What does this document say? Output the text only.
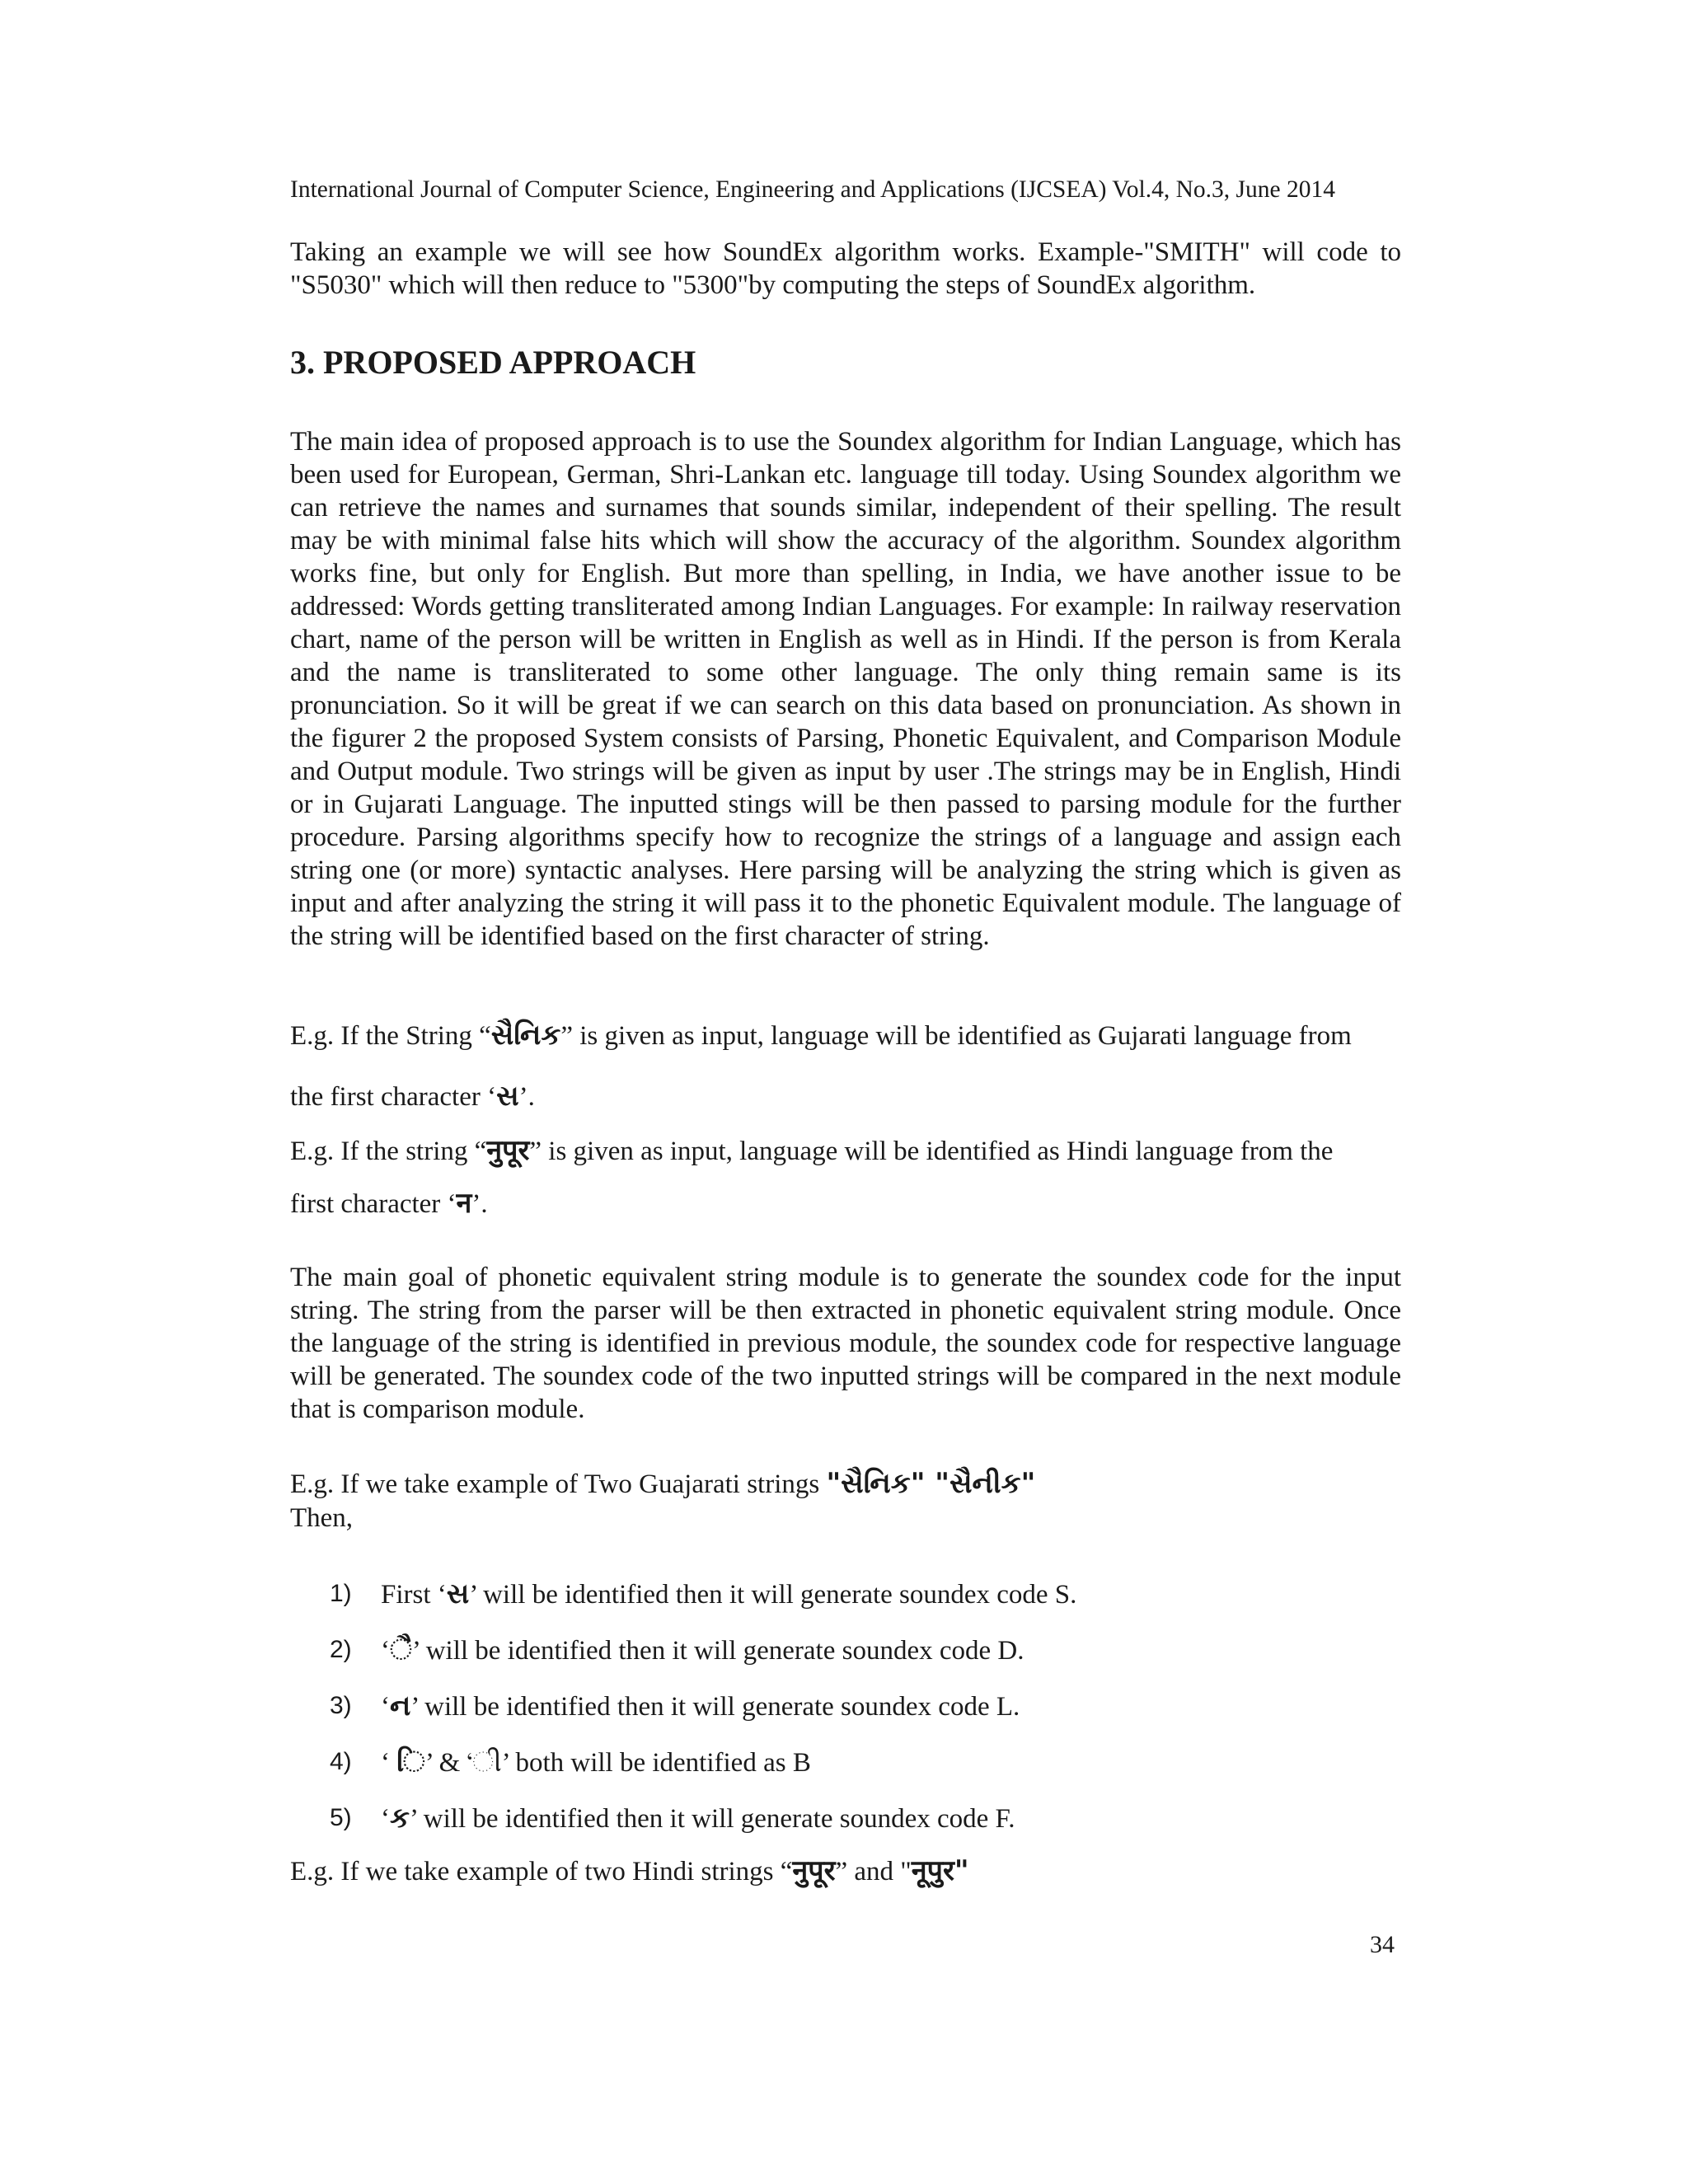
International Journal of Computer Science, Engineering and Applications (IJCSEA) Vol.4, No.3, June 2014
Taking an example we will see how SoundEx algorithm works. Example-"SMITH" will code to "S5030" which will then reduce to "5300"by computing the steps of SoundEx algorithm.
3. PROPOSED APPROACH
The main idea of proposed approach is to use the Soundex algorithm for Indian Language, which has been used for European, German, Shri-Lankan etc. language till today. Using Soundex algorithm we can retrieve the names and surnames that sounds similar, independent of their spelling. The result may be with minimal false hits which will show the accuracy of the algorithm. Soundex algorithm works fine, but only for English. But more than spelling, in India, we have another issue to be addressed: Words getting transliterated among Indian Languages. For example: In railway reservation chart, name of the person will be written in English as well as in Hindi. If the person is from Kerala and the name is transliterated to some other language. The only thing remain same is its pronunciation. So it will be great if we can search on this data based on pronunciation. As shown in the figurer 2 the proposed System consists of Parsing, Phonetic Equivalent, and Comparison Module and Output module. Two strings will be given as input by user .The strings may be in English, Hindi or in Gujarati Language. The inputted stings will be then passed to parsing module for the further procedure. Parsing algorithms specify how to recognize the strings of a language and assign each string one (or more) syntactic analyses. Here parsing will be analyzing the string which is given as input and after analyzing the string it will pass it to the phonetic Equivalent module. The language of the string will be identified based on the first character of string.
E.g. If the String “સૈનિક” is given as input, language will be identified as Gujarati language from
the first character ‘સ’.
E.g. If the string “नुपूर” is given as input, language will be identified as Hindi language from the
first character ‘न’.
The main goal of phonetic equivalent string module is to generate the soundex code for the input string. The string from the parser will be then extracted in phonetic equivalent string module. Once the language of the string is identified in previous module, the soundex code for respective language will be generated. The soundex code of the two inputted strings will be compared in the next module that is comparison module.
E.g. If we take example of Two Guajarati strings "સૈનિક" "સૈનીક"
Then,
1)	First ‘સ’ will be identified then it will generate soundex code S.
2)	‘ૈ’ will be identified then it will generate soundex code D.
3)	‘ન’ will be identified then it will generate soundex code L.
4)	‘ િ’ & ‘ી’ both will be identified as B
5)	‘ક’ will be identified then it will generate soundex code F.
E.g. If we take example of two Hindi strings “नुपूर” and "नूपुर"
34
